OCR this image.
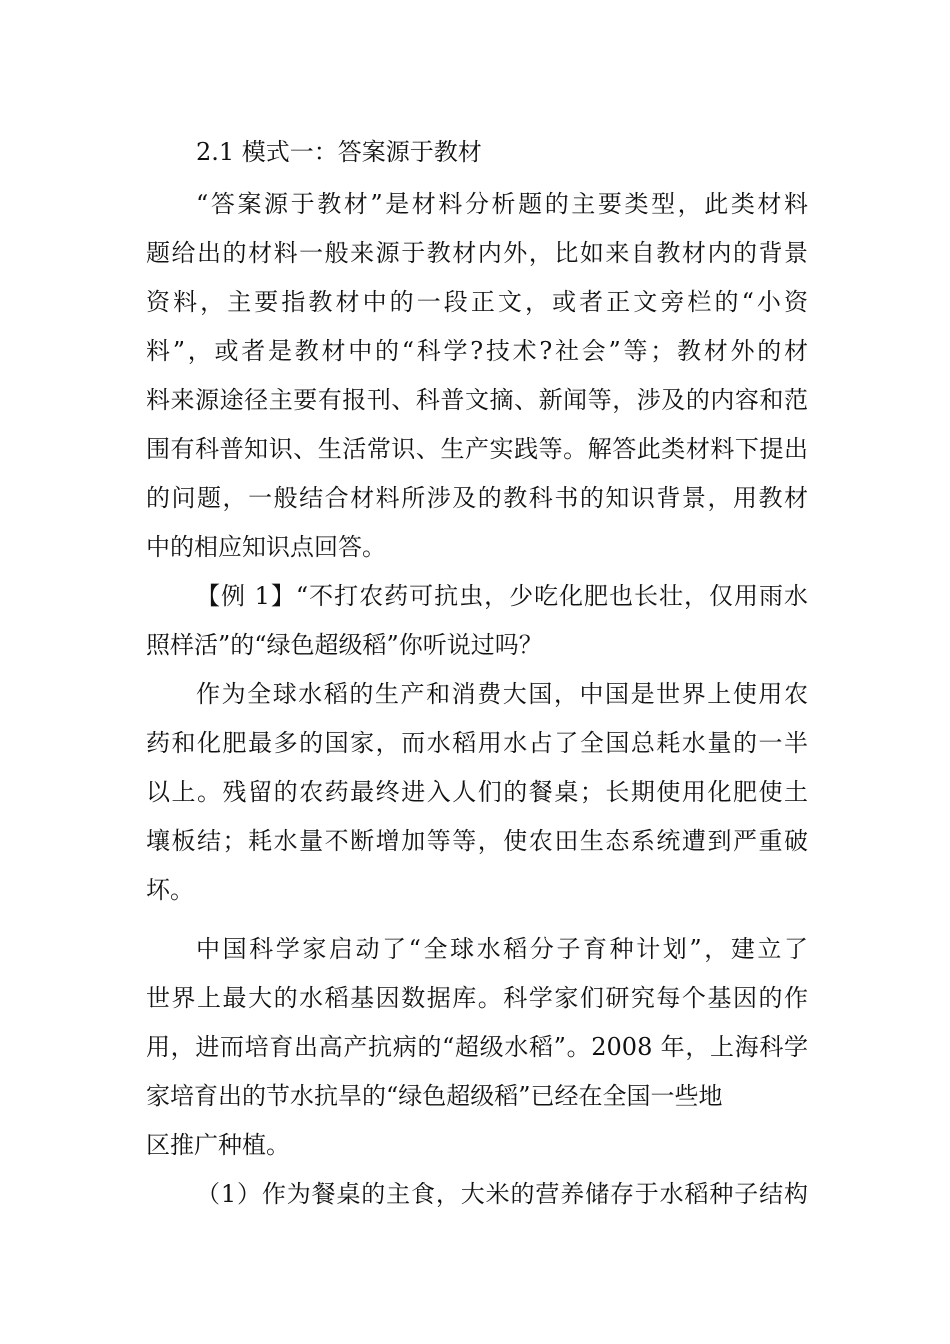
2.1 模式一：答案源于教材
“答案源于教材”是材料分析题的主要类型，此类材料
题给出的材料一般来源于教材内外，比如来自教材内的背景
资料，主要指教材中的一段正文，或者正文旁栏的“小资
料”，或者是教材中的“科学?技术?社会”等；教材外的材
料来源途径主要有报刊、科普文摘、新闻等，涉及的内容和范
围有科普知识、生活常识、生产实践等。解答此类材料下提出
的问题，一般结合材料所涉及的教科书的知识背景，用教材
中的相应知识点回答。
【例 1】“不打农药可抗虫，少吃化肥也长壮，仅用雨水
照样活”的“绿色超级稻”你听说过吗？
作为全球水稻的生产和消费大国，中国是世界上使用农
药和化肥最多的国家，而水稻用水占了全国总耗水量的一半
以上。残留的农药最终进入人们的餐桌；长期使用化肥使土
壤板结；耗水量不断增加等等，使农田生态系统遭到严重破
坏。
中国科学家启动了“全球水稻分子育种计划”，建立了
世界上最大的水稻基因数据库。科学家们研究每个基因的作
用，进而培育出高产抗病的“超级水稻”。2008 年，上海科学
家培育出的节水抗旱的“绿色超级稻”已经在全国一些地
区推广种植。
（1）作为餐桌的主食，大米的营养储存于水稻种子结构
